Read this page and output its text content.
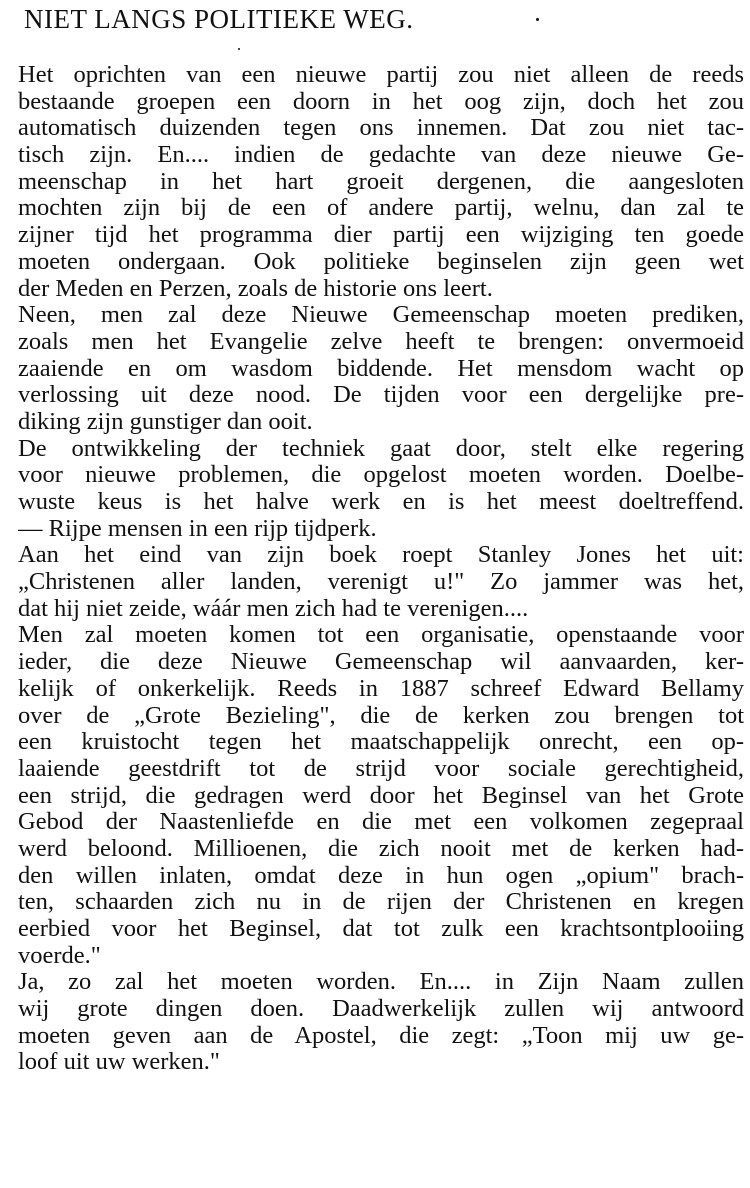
NIET LANGS POLITIEKE WEG.
Het oprichten van een nieuwe partij zou niet alleen de reeds
bestaande groepen een doorn in het oog zijn, doch het zou
automatisch duizenden tegen ons innemen. Dat zou niet tac-
tisch zijn. En.... indien de gedachte van deze nieuwe Ge-
meenschap in het hart groeit dergenen, die aangesloten
mochten zijn bij de een of andere partij, welnu, dan zal te
zijner tijd het programma dier partij een wijziging ten goede
moeten ondergaan. Ook politieke beginselen zijn geen wet
der Meden en Perzen, zoals de historie ons leert.
Neen, men zal deze Nieuwe Gemeenschap moeten prediken,
zoals men het Evangelie zelve heeft te brengen: onvermoeid
zaaiende en om wasdom biddende. Het mensdom wacht op
verlossing uit deze nood. De tijden voor een dergelijke pre-
diking zijn gunstiger dan ooit.
De ontwikkeling der techniek gaat door, stelt elke regering
voor nieuwe problemen, die opgelost moeten worden. Doelbe-
wuste keus is het halve werk en is het meest doeltreffend.
— Rijpe mensen in een rijp tijdperk.
Aan het eind van zijn boek roept Stanley Jones het uit:
„Christenen aller landen, verenigt u!" Zo jammer was het,
dat hij niet zeide, wáár men zich had te verenigen....
Men zal moeten komen tot een organisatie, openstaande voor
ieder, die deze Nieuwe Gemeenschap wil aanvaarden, ker-
kelijk of onkerkelijk. Reeds in 1887 schreef Edward Bellamy
over de „Grote Bezieling", die de kerken zou brengen tot
een kruistocht tegen het maatschappelijk onrecht, een op-
laaiende geestdrift tot de strijd voor sociale gerechtigheid,
een strijd, die gedragen werd door het Beginsel van het Grote
Gebod der Naastenliefde en die met een volkomen zegepraal
werd beloond. Millioenen, die zich nooit met de kerken had-
den willen inlaten, omdat deze in hun ogen „opium" brach-
ten, schaarden zich nu in de rijen der Christenen en kregen
eerbied voor het Beginsel, dat tot zulk een krachtsontplooiing
voerde."
Ja, zo zal het moeten worden. En.... in Zijn Naam zullen
wij grote dingen doen. Daadwerkelijk zullen wij antwoord
moeten geven aan de Apostel, die zegt: „Toon mij uw ge-
loof uit uw werken."
